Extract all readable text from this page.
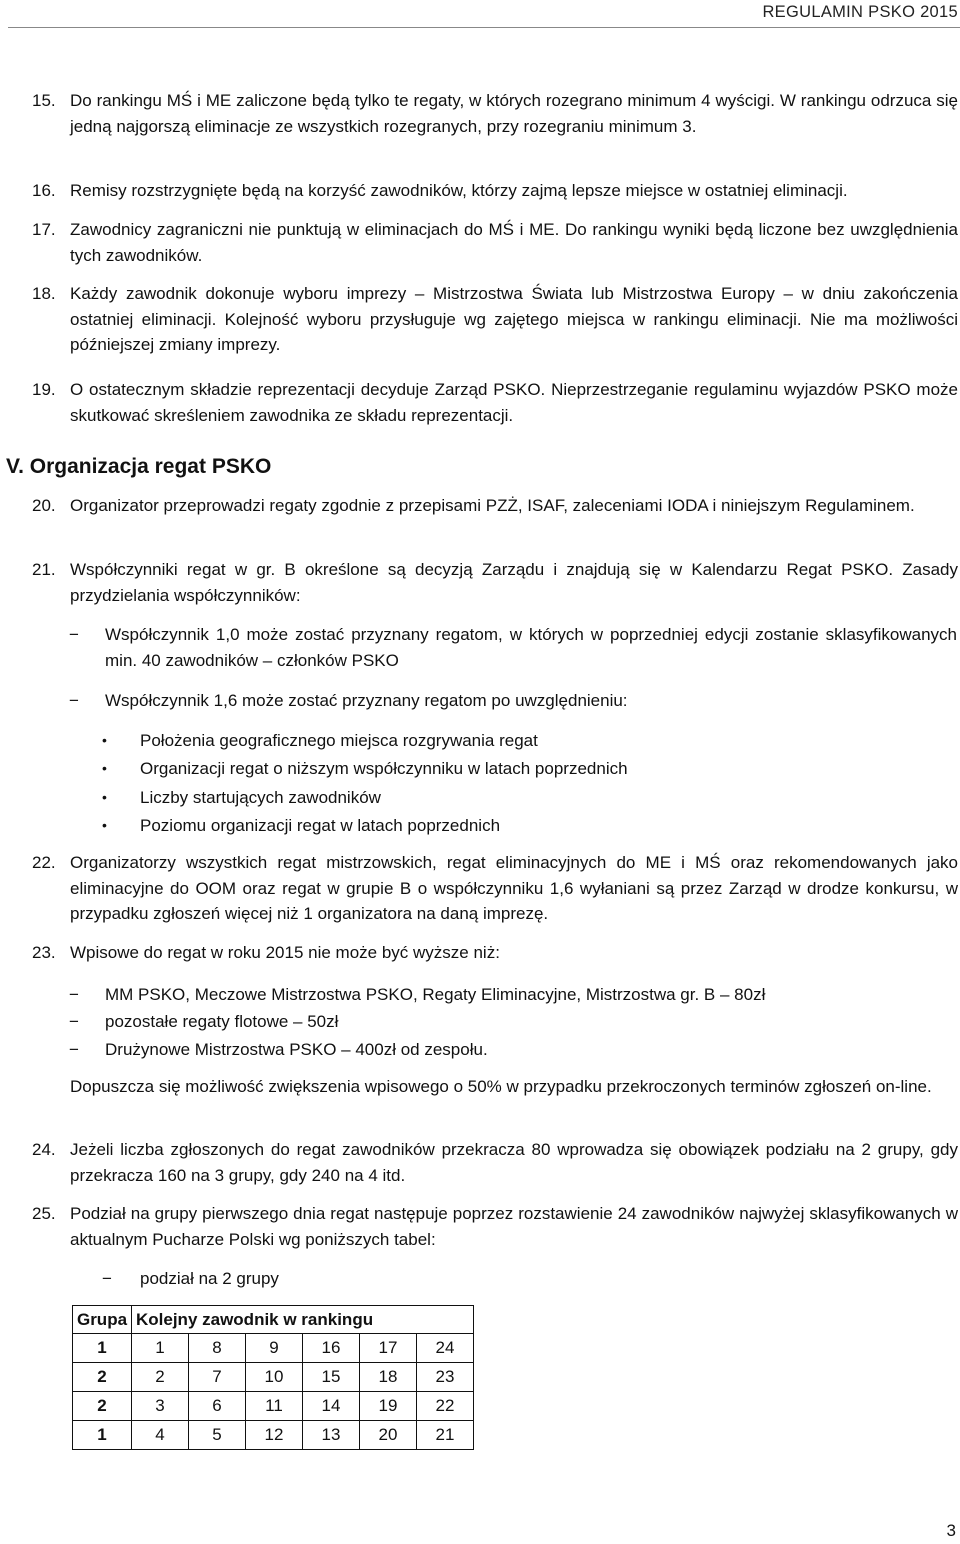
REGULAMIN PSKO 2015
15. Do rankingu MŚ i ME zaliczone będą tylko te regaty, w których rozegrano minimum 4 wyścigi. W rankingu odrzuca się jedną najgorszą eliminacje ze wszystkich rozegranych, przy rozegraniu minimum 3.
16. Remisy rozstrzygnięte będą na korzyść zawodników, którzy zajmą lepsze miejsce w ostatniej eliminacji.
17. Zawodnicy zagraniczni nie punktują w eliminacjach do MŚ i ME. Do rankingu wyniki będą liczone bez uwzględnienia tych zawodników.
18. Każdy zawodnik dokonuje wyboru imprezy – Mistrzostwa Świata lub Mistrzostwa Europy – w dniu zakończenia ostatniej eliminacji. Kolejność wyboru przysługuje wg zajętego miejsca w rankingu eliminacji. Nie ma możliwości późniejszej zmiany imprezy.
19. O ostatecznym składzie reprezentacji decyduje Zarząd PSKO. Nieprzestrzeganie regulaminu wyjazdów PSKO może skutkować skreśleniem zawodnika ze składu reprezentacji.
V. Organizacja regat PSKO
20. Organizator przeprowadzi regaty zgodnie z przepisami PZŻ, ISAF, zaleceniami IODA i niniejszym Regulaminem.
21. Współczynniki regat w gr. B określone są decyzją Zarządu i znajdują się w Kalendarzu Regat PSKO. Zasady przydzielania współczynników:
− Współczynnik 1,0 może zostać przyznany regatom, w których w poprzedniej edycji zostanie sklasyfikowanych min. 40 zawodników – członków PSKO
− Współczynnik 1,6 może zostać przyznany regatom po uwzględnieniu:
• Położenia geograficznego miejsca rozgrywania regat
• Organizacji regat o niższym współczynniku w latach poprzednich
• Liczby startujących zawodników
• Poziomu organizacji regat w latach poprzednich
22. Organizatorzy wszystkich regat mistrzowskich, regat eliminacyjnych do ME i MŚ oraz rekomendowanych jako eliminacyjne do OOM oraz regat w grupie B o współczynniku 1,6 wyłaniani są przez Zarząd w drodze konkursu, w przypadku zgłoszeń więcej niż 1 organizatora na daną imprezę.
23. Wpisowe do regat w roku 2015 nie może być wyższe niż:
− MM PSKO, Meczowe Mistrzostwa PSKO, Regaty Eliminacyjne, Mistrzostwa gr. B – 80zł
− pozostałe regaty flotowe – 50zł
− Drużynowe Mistrzostwa PSKO – 400zł od zespołu.
Dopuszcza się możliwość zwiększenia wpisowego o 50% w przypadku przekroczonych terminów zgłoszeń on-line.
24. Jeżeli liczba zgłoszonych do regat zawodników przekracza 80 wprowadza się obowiązek podziału na 2 grupy, gdy przekracza 160 na 3 grupy, gdy 240 na 4 itd.
25. Podział na grupy pierwszego dnia regat następuje poprzez rozstawienie 24 zawodników najwyżej sklasyfikowanych w aktualnym Pucharze Polski wg poniższych tabel:
− podział na 2 grupy
Grupa	Kolejny zawodnik w rankingu					
1	1	8	9	16	17	24
2	2	7	10	15	18	23
2	3	6	11	14	19	22
1	4	5	12	13	20	21
3
